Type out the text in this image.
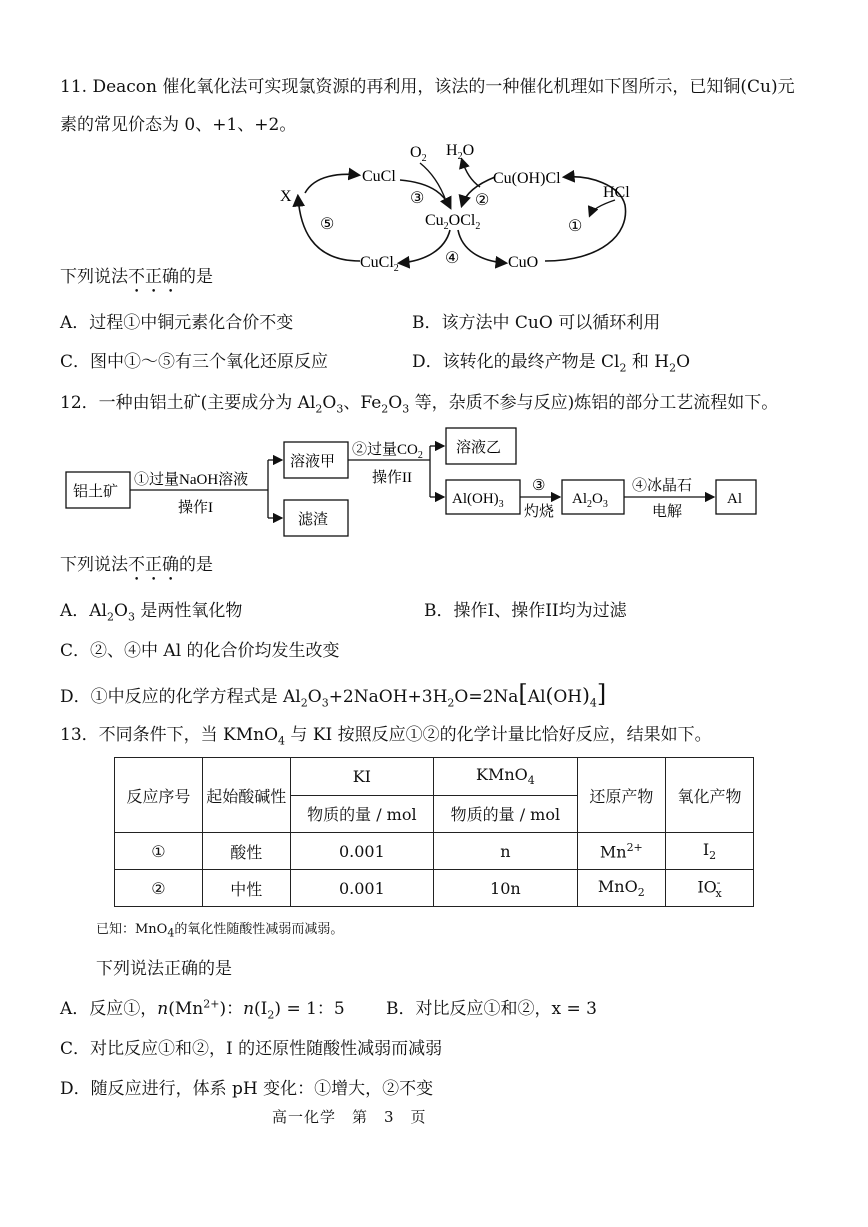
11. Deacon 催化氧化法可实现氯资源的再利用，该法的一种催化机理如下图所示，已知铜(Cu)元
素的常见价态为 0、+1、+2。
X
CuCl
$O_2$ $H_2O$
Cu(OH)Cl
HCl
$Cu_2OCl_2$
CuCl$_2$	CuO
③	②
⑤	①
④
下列说法不正确的是
A．过程①中铜元素化合价不变	B．该方法中 CuO 可以循环利用
C．图中①～⑤有三个氧化还原反应	D．该转化的最终产物是 $Cl_2$ 和 $H_2O$
12．一种由铝土矿(主要成分为 $Al_2O_3$、$Fe_2O_3$ 等，杂质不参与反应)炼铝的部分工艺流程如下。
铝土矿
①过量NaOH溶液
操作I
溶液甲
滤渣
②过量$CO_2$
操作II
溶液乙
$Al(OH)_3$
③
灼烧
$Al_2O_3$
④冰晶石
电解
Al
下列说法不正确的是
A．$Al_2O_3$ 是两性氧化物	B．操作I、操作II均为过滤
C．②、④中 Al 的化合价均发生改变
D．①中反应的化学方程式是 $Al_2O_3+2NaOH+3H_2O=2Na[Al(OH)_4]$
13．不同条件下，当 KMnO$_4$ 与 KI 按照反应①②的化学计量比恰好反应，结果如下。
反应序号	起始酸碱性	KI	KMnO$_4$	还原产物	氧化产物
		物质的量 / mol	物质的量 / mol		
①	酸性	0.001	n	$Mn^{2+}$	$I_2$
②	中性	0.001	10n	MnO$_2$	$IO^-_x$
已知：MnO$_4$的氧化性随酸性减弱而减弱。
下列说法正确的是
A．反应①，$n(Mn^{2+})$：$n(I_2) = 1$：5 B．对比反应①和②，x = 3
C．对比反应①和②，I 的还原性随酸性减弱而减弱
D．随反应进行，体系 pH 变化：①增大，②不变
高一化学　第　3　页
